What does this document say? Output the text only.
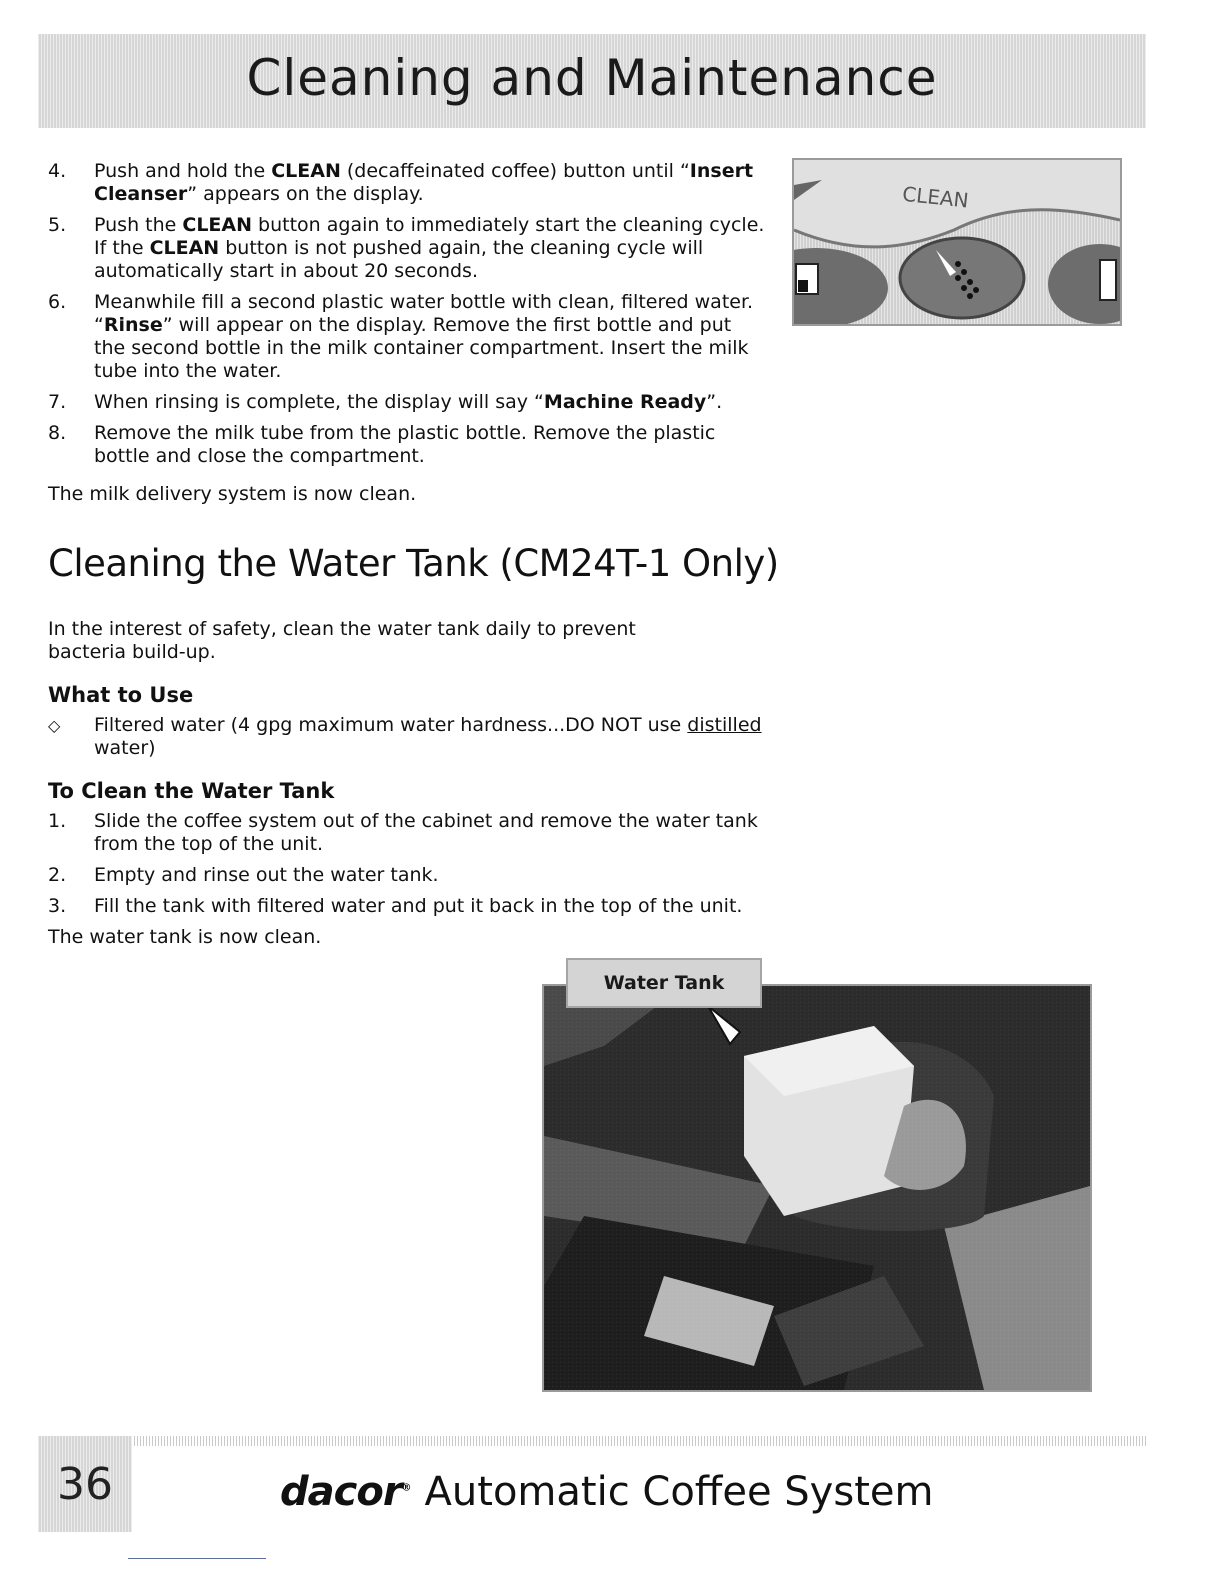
Cleaning and Maintenance
4. Push and hold the CLEAN (decaffeinated coffee) button until “Insert Cleanser” appears on the display.
5. Push the CLEAN button again to immediately start the cleaning cycle. If the CLEAN button is not pushed again, the cleaning cycle will automatically start in about 20 seconds.
6. Meanwhile fill a second plastic water bottle with clean, filtered water. “Rinse” will appear on the display. Remove the first bottle and put the second bottle in the milk container compartment. Insert the milk tube into the water.
7. When rinsing is complete, the display will say “Machine Ready”.
8. Remove the milk tube from the plastic bottle. Remove the plastic bottle and close the compartment.

The milk delivery system is now clean.

CLEAN
Cleaning the Water Tank (CM24T-1 Only)

In the interest of safety, clean the water tank daily to prevent bacteria build-up.

What to Use
◇ Filtered water (4 gpg maximum water hardness...DO NOT use distilled water)
To Clean the Water Tank
1. Slide the coffee system out of the cabinet and remove the water tank from the top of the unit.
2. Empty and rinse out the water tank.
3. Fill the tank with filtered water and put it back in the top of the unit.

The water tank is now clean.

Water Tank
36	dacor® Automatic Coffee System
